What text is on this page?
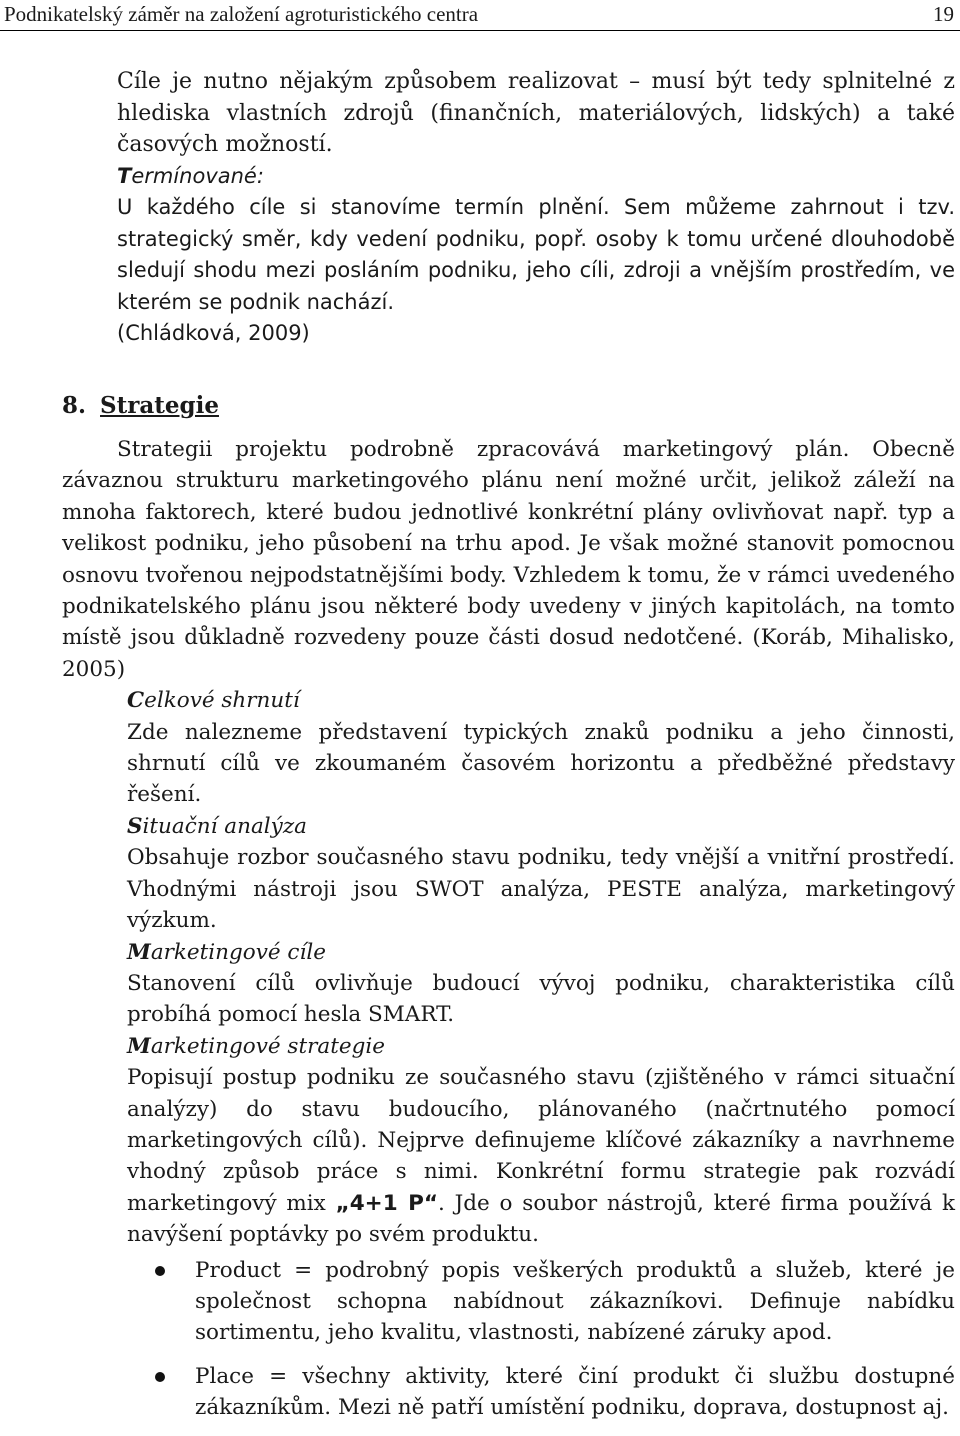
Podnikatelský záměr na založení agroturistického centra	19
Cíle je nutno nějakým způsobem realizovat – musí být tedy splnitelné z hlediska vlastních zdrojů (finančních, materiálových, lidských) a také časových možností.
Termínované:
U každého cíle si stanovíme termín plnění. Sem můžeme zahrnout i tzv. strategický směr, kdy vedení podniku, popř. osoby k tomu určené dlouhodobě sledují shodu mezi posláním podniku, jeho cíli, zdroji a vnějším prostředím, ve kterém se podnik nachází.
(Chládková, 2009)
8. Strategie

Strategii projektu podrobně zpracovává marketingový plán. Obecně závaznou strukturu marketingového plánu není možné určit, jelikož záleží na mnoha faktorech, které budou jednotlivé konkrétní plány ovlivňovat např. typ a velikost podniku, jeho působení na trhu apod. Je však možné stanovit pomocnou osnovu tvořenou nejpodstatnějšími body. Vzhledem k tomu, že v rámci uvedeného podnikatelského plánu jsou některé body uvedeny v jiných kapitolách, na tomto místě jsou důkladně rozvedeny pouze části dosud nedotčené. (Koráb, Mihalisko, 2005)

Celkové shrnutí
Zde nalezneme představení typických znaků podniku a jeho činnosti, shrnutí cílů ve zkoumaném časovém horizontu a předběžné představy řešení.
Situační analýza
Obsahuje rozbor současného stavu podniku, tedy vnější a vnitřní prostředí. Vhodnými nástroji jsou SWOT analýza, PESTE analýza, marketingový výzkum.
Marketingové cíle
Stanovení cílů ovlivňuje budoucí vývoj podniku, charakteristika cílů probíhá pomocí hesla SMART.
Marketingové strategie
Popisují postup podniku ze současného stavu (zjištěného v rámci situační analýzy) do stavu budoucího, plánovaného (načrtnutého pomocí marketingových cílů). Nejprve definujeme klíčové zákazníky a navrhneme vhodný způsob práce s nimi. Konkrétní formu strategie pak rozvádí marketingový mix „4+1 P“. Jde o soubor nástrojů, které firma používá k navýšení poptávky po svém produktu.
Product = podrobný popis veškerých produktů a služeb, které je společnost schopna nabídnout zákazníkovi. Definuje nabídku sortimentu, jeho kvalitu, vlastnosti, nabízené záruky apod.
Place = všechny aktivity, které činí produkt či službu dostupné zákazníkům. Mezi ně patří umístění podniku, doprava, dostupnost aj.
